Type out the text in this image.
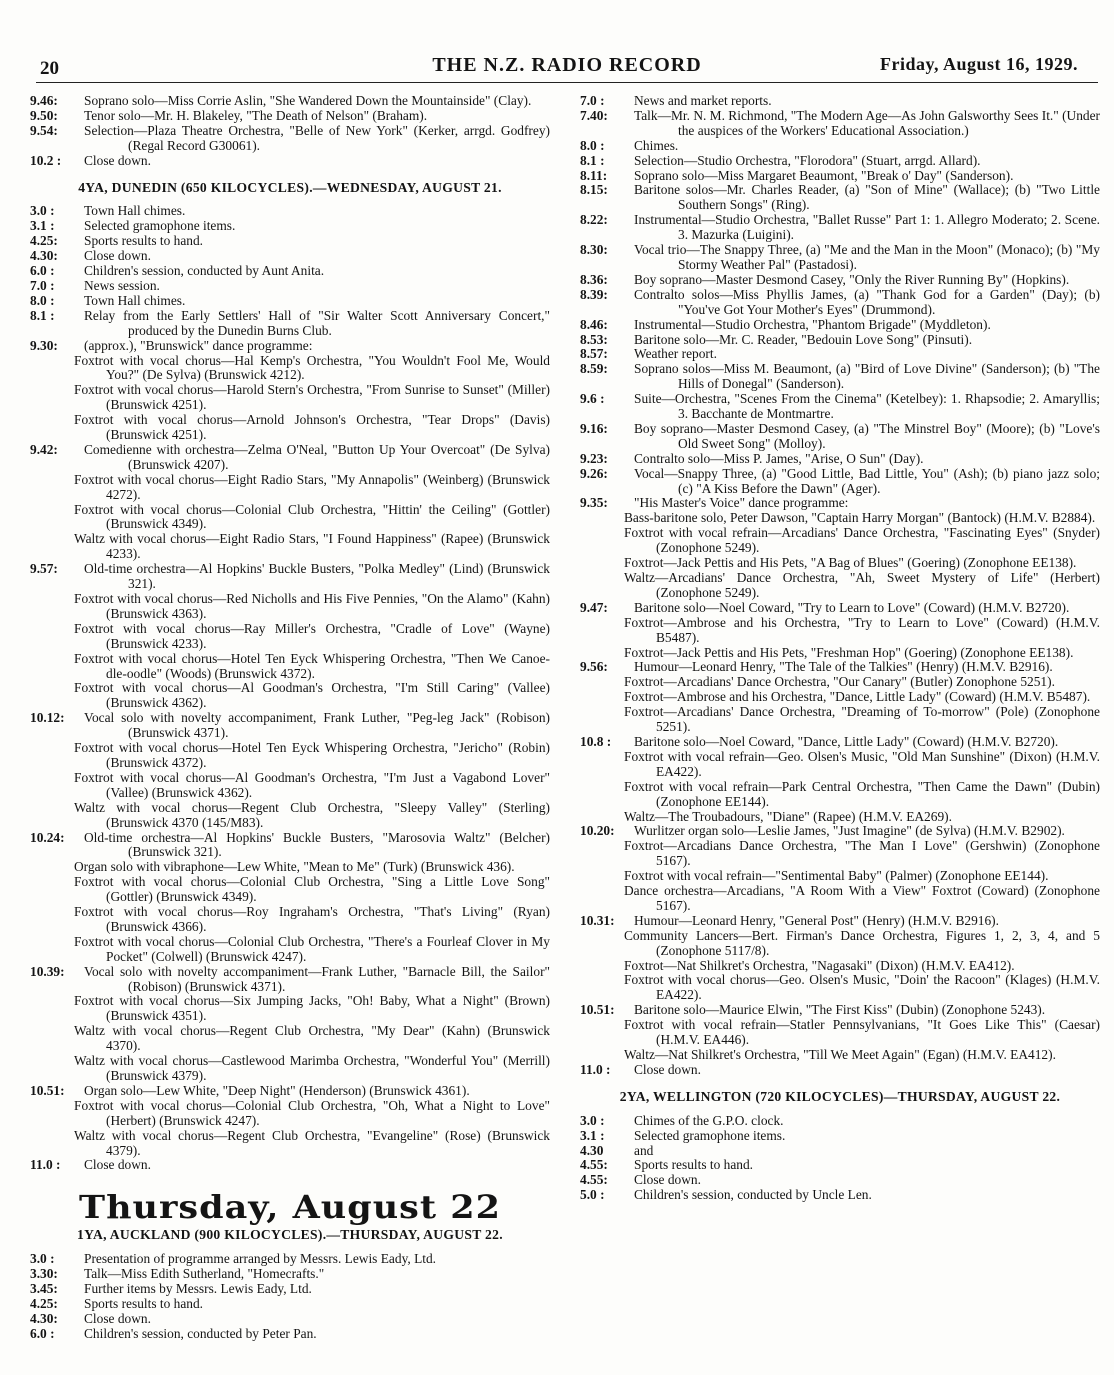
20	THE N.Z. RADIO RECORD	Friday, August 16, 1929.
9.46:	Soprano solo—Miss Corrie Aslin, "She Wandered Down the Mountainside" (Clay).
9.50:	Tenor solo—Mr. H. Blakeley, "The Death of Nelson" (Braham).
9.54:	Selection—Plaza Theatre Orchestra, "Belle of New York" (Kerker, arrgd. Godfrey) (Regal Record G30061).
10.2 :	Close down.
4YA, DUNEDIN (650 KILOCYCLES).—WEDNESDAY, AUGUST 21.
3.0 :	Town Hall chimes.
3.1 :	Selected gramophone items.
4.25:	Sports results to hand.
4.30:	Close down.
6.0 :	Children's session, conducted by Aunt Anita.
7.0 :	News session.
8.0 :	Town Hall chimes.
8.1 :	Relay from the Early Settlers' Hall of "Sir Walter Scott Anniversary Concert," produced by the Dunedin Burns Club.
9.30:	(approx.), "Brunswick" dance programme:
Foxtrot with vocal chorus—Hal Kemp's Orchestra, "You Wouldn't Fool Me, Would You?" (De Sylva) (Brunswick 4212).
Foxtrot with vocal chorus—Harold Stern's Orchestra, "From Sunrise to Sunset" (Miller) (Brunswick 4251).
Foxtrot with vocal chorus—Arnold Johnson's Orchestra, "Tear Drops" (Davis) (Brunswick 4251).
9.42:	Comedienne with orchestra—Zelma O'Neal, "Button Up Your Overcoat" (De Sylva) (Brunswick 4207).
Foxtrot with vocal chorus—Eight Radio Stars, "My Annapolis" (Weinberg) (Brunswick 4272).
Foxtrot with vocal chorus—Colonial Club Orchestra, "Hittin' the Ceiling" (Gottler) (Brunswick 4349).
Waltz with vocal chorus—Eight Radio Stars, "I Found Happiness" (Rapee) (Brunswick 4233).
9.57:	Old-time orchestra—Al Hopkins' Buckle Busters, "Polka Medley" (Lind) (Brunswick 321).
Foxtrot with vocal chorus—Red Nicholls and His Five Pennies, "On the Alamo" (Kahn) (Brunswick 4363).
Foxtrot with vocal chorus—Ray Miller's Orchestra, "Cradle of Love" (Wayne) (Brunswick 4233).
Foxtrot with vocal chorus—Hotel Ten Eyck Whispering Orchestra, "Then We Canoe-dle-oodle" (Woods) (Brunswick 4372).
Foxtrot with vocal chorus—Al Goodman's Orchestra, "I'm Still Caring" (Vallee) (Brunswick 4362).
10.12:	Vocal solo with novelty accompaniment, Frank Luther, "Peg-leg Jack" (Robison) (Brunswick 4371).
Foxtrot with vocal chorus—Hotel Ten Eyck Whispering Orchestra, "Jericho" (Robin) (Brunswick 4372).
Foxtrot with vocal chorus—Al Goodman's Orchestra, "I'm Just a Vagabond Lover" (Vallee) (Brunswick 4362).
Waltz with vocal chorus—Regent Club Orchestra, "Sleepy Valley" (Sterling) (Brunswick 4370 (145/M83).
10.24:	Old-time orchestra—Al Hopkins' Buckle Busters, "Marosovia Waltz" (Belcher) (Brunswick 321).
Organ solo with vibraphone—Lew White, "Mean to Me" (Turk) (Brunswick 436).
Foxtrot with vocal chorus—Colonial Club Orchestra, "Sing a Little Love Song" (Gottler) (Brunswick 4349).
Foxtrot with vocal chorus—Roy Ingraham's Orchestra, "That's Living" (Ryan) (Brunswick 4366).
Foxtrot with vocal chorus—Colonial Club Orchestra, "There's a Fourleaf Clover in My Pocket" (Colwell) (Brunswick 4247).
10.39:	Vocal solo with novelty accompaniment—Frank Luther, "Barnacle Bill, the Sailor" (Robison) (Brunswick 4371).
Foxtrot with vocal chorus—Six Jumping Jacks, "Oh! Baby, What a Night" (Brown) (Brunswick 4351).
Waltz with vocal chorus—Regent Club Orchestra, "My Dear" (Kahn) (Brunswick 4370).
Waltz with vocal chorus—Castlewood Marimba Orchestra, "Wonderful You" (Merrill) (Brunswick 4379).
10.51:	Organ solo—Lew White, "Deep Night" (Henderson) (Brunswick 4361).
Foxtrot with vocal chorus—Colonial Club Orchestra, "Oh, What a Night to Love" (Herbert) (Brunswick 4247).
Waltz with vocal chorus—Regent Club Orchestra, "Evangeline" (Rose) (Brunswick 4379).
11.0 :	Close down.
Thursday, August 22
1YA, AUCKLAND (900 KILOCYCLES).—THURSDAY, AUGUST 22.
3.0 :	Presentation of programme arranged by Messrs. Lewis Eady, Ltd.
3.30:	Talk—Miss Edith Sutherland, "Homecrafts."
3.45:	Further items by Messrs. Lewis Eady, Ltd.
4.25:	Sports results to hand.
4.30:	Close down.
6.0 :	Children's session, conducted by Peter Pan.
7.0 :	News and market reports.
7.40:	Talk—Mr. N. M. Richmond, "The Modern Age—As John Galsworthy Sees It." (Under the auspices of the Workers' Educational Association.)
8.0 :	Chimes.
8.1 :	Selection—Studio Orchestra, "Florodora" (Stuart, arrgd. Allard).
8.11:	Soprano solo—Miss Margaret Beaumont, "Break o' Day" (Sanderson).
8.15:	Baritone solos—Mr. Charles Reader, (a) "Son of Mine" (Wallace); (b) "Two Little Southern Songs" (Ring).
8.22:	Instrumental—Studio Orchestra, "Ballet Russe" Part 1: 1. Allegro Moderato; 2. Scene. 3. Mazurka (Luigini).
8.30:	Vocal trio—The Snappy Three, (a) "Me and the Man in the Moon" (Monaco); (b) "My Stormy Weather Pal" (Pastadosi).
8.36:	Boy soprano—Master Desmond Casey, "Only the River Running By" (Hopkins).
8.39:	Contralto solos—Miss Phyllis James, (a) "Thank God for a Garden" (Day); (b) "You've Got Your Mother's Eyes" (Drummond).
8.46:	Instrumental—Studio Orchestra, "Phantom Brigade" (Myddleton).
8.53:	Baritone solo—Mr. C. Reader, "Bedouin Love Song" (Pinsuti).
8.57:	Weather report.
8.59:	Soprano solos—Miss M. Beaumont, (a) "Bird of Love Divine" (Sanderson); (b) "The Hills of Donegal" (Sanderson).
9.6 :	Suite—Orchestra, "Scenes From the Cinema" (Ketelbey): 1. Rhapsodie; 2. Amaryllis; 3. Bacchante de Montmartre.
9.16:	Boy soprano—Master Desmond Casey, (a) "The Minstrel Boy" (Moore); (b) "Love's Old Sweet Song" (Molloy).
9.23:	Contralto solo—Miss P. James, "Arise, O Sun" (Day).
9.26:	Vocal—Snappy Three, (a) "Good Little, Bad Little, You" (Ash); (b) piano jazz solo; (c) "A Kiss Before the Dawn" (Ager).
9.35:	"His Master's Voice" dance programme:
Bass-baritone solo, Peter Dawson, "Captain Harry Morgan" (Bantock) (H.M.V. B2884).
Foxtrot with vocal refrain—Arcadians' Dance Orchestra, "Fascinating Eyes" (Snyder) (Zonophone 5249).
Foxtrot—Jack Pettis and His Pets, "A Bag of Blues" (Goering) (Zonophone EE138).
Waltz—Arcadians' Dance Orchestra, "Ah, Sweet Mystery of Life" (Herbert) (Zonophone 5249).
9.47:	Baritone solo—Noel Coward, "Try to Learn to Love" (Coward) (H.M.V. B2720).
Foxtrot—Ambrose and his Orchestra, "Try to Learn to Love" (Coward) (H.M.V. B5487).
Foxtrot—Jack Pettis and His Pets, "Freshman Hop" (Goering) (Zonophone EE138).
9.56:	Humour—Leonard Henry, "The Tale of the Talkies" (Henry) (H.M.V. B2916).
Foxtrot—Arcadians' Dance Orchestra, "Our Canary" (Butler) Zonophone 5251).
Foxtrot—Ambrose and his Orchestra, "Dance, Little Lady" (Coward) (H.M.V. B5487).
Foxtrot—Arcadians' Dance Orchestra, "Dreaming of To-morrow" (Pole) (Zonophone 5251).
10.8 :	Baritone solo—Noel Coward, "Dance, Little Lady" (Coward) (H.M.V. B2720).
Foxtrot with vocal refrain—Geo. Olsen's Music, "Old Man Sunshine" (Dixon) (H.M.V. EA422).
Foxtrot with vocal refrain—Park Central Orchestra, "Then Came the Dawn" (Dubin) (Zonophone EE144).
Waltz—The Troubadours, "Diane" (Rapee) (H.M.V. EA269).
10.20:	Wurlitzer organ solo—Leslie James, "Just Imagine" (de Sylva) (H.M.V. B2902).
Foxtrot—Arcadians Dance Orchestra, "The Man I Love" (Gershwin) (Zonophone 5167).
Foxtrot with vocal refrain—"Sentimental Baby" (Palmer) (Zonophone EE144).
Dance orchestra—Arcadians, "A Room With a View" Foxtrot (Coward) (Zonophone 5167).
10.31:	Humour—Leonard Henry, "General Post" (Henry) (H.M.V. B2916).
Community Lancers—Bert. Firman's Dance Orchestra, Figures 1, 2, 3, 4, and 5 (Zonophone 5117/8).
Foxtrot—Nat Shilkret's Orchestra, "Nagasaki" (Dixon) (H.M.V. EA412).
Foxtrot with vocal chorus—Geo. Olsen's Music, "Doin' the Racoon" (Klages) (H.M.V. EA422).
10.51:	Baritone solo—Maurice Elwin, "The First Kiss" (Dubin) (Zonophone 5243).
Foxtrot with vocal refrain—Statler Pennsylvanians, "It Goes Like This" (Caesar) (H.M.V. EA446).
Waltz—Nat Shilkret's Orchestra, "Till We Meet Again" (Egan) (H.M.V. EA412).
11.0 :	Close down.
2YA, WELLINGTON (720 KILOCYCLES)—THURSDAY, AUGUST 22.
3.0 :	Chimes of the G.P.O. clock.
3.1 :	Selected gramophone items.
4.30	and
4.55:	Sports results to hand.
4.55:	Close down.
5.0 :	Children's session, conducted by Uncle Len.
